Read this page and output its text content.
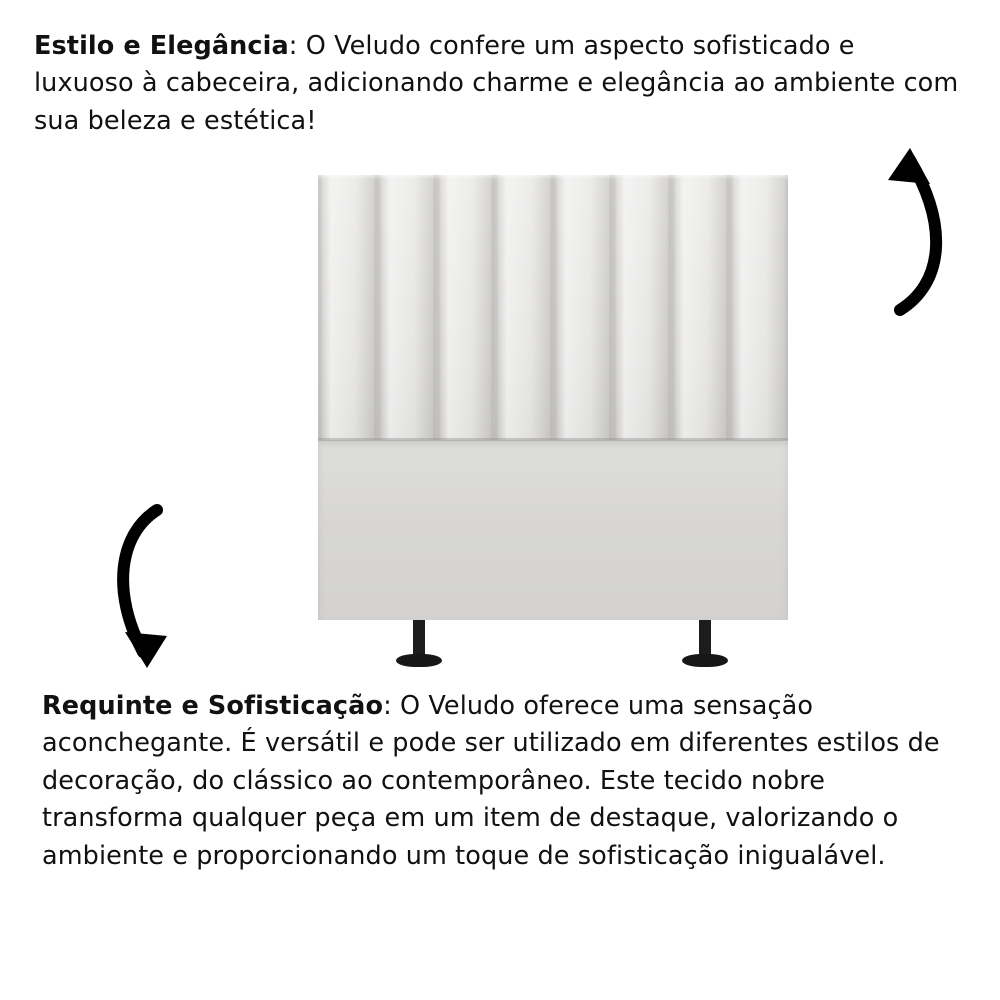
Estilo e Elegância: O Veludo confere um aspecto sofisticado e luxuoso à cabeceira, adicionando charme e elegância ao ambiente com sua beleza e estética!
Requinte e Sofisticação: O Veludo oferece uma sensação aconchegante. É versátil e pode ser utilizado em diferentes estilos de decoração, do clássico ao contemporâneo. Este tecido nobre transforma qualquer peça em um item de destaque, valorizando o ambiente e proporcionando um toque de sofisticação inigualável.
